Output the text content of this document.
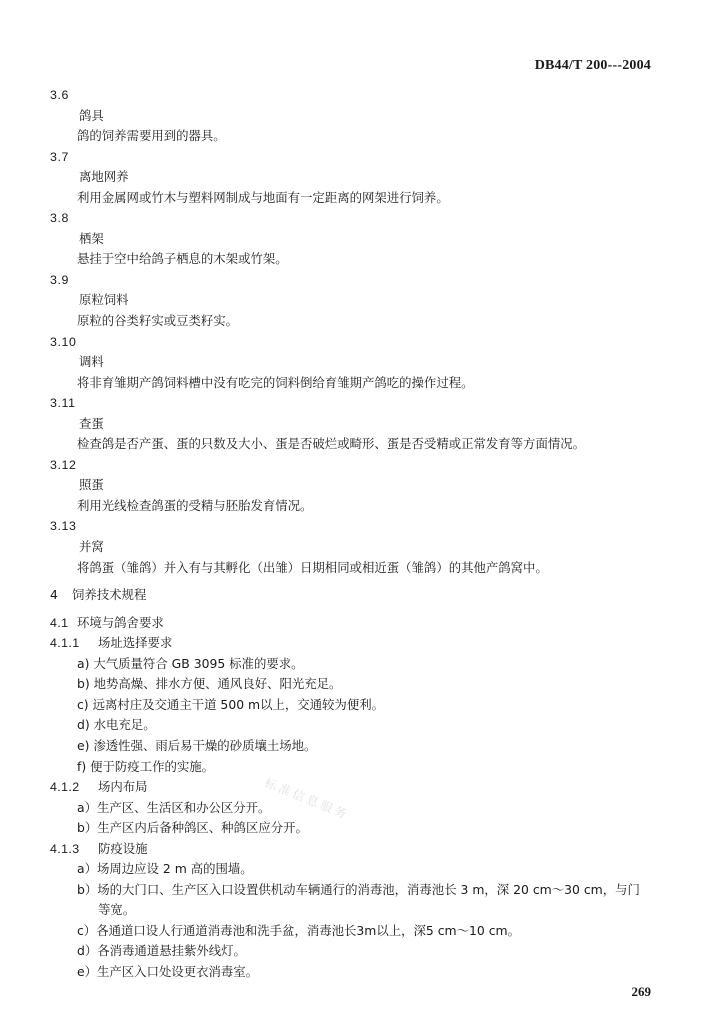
DB44/T 200---2004
3.6
鸽具
鸽的饲养需要用到的器具。
3.7
离地网养
利用金属网或竹木与塑料网制成与地面有一定距离的网架进行饲养。
3.8
栖架
悬挂于空中给鸽子栖息的木架或竹架。
3.9
原粒饲料
原粒的谷类籽实或豆类籽实。
3.10
调料
将非育雏期产鸽饲料槽中没有吃完的饲料倒给育雏期产鸽吃的操作过程。
3.11
查蛋
检查鸽是否产蛋、蛋的只数及大小、蛋是否破烂或畸形、蛋是否受精或正常发育等方面情况。
3.12
照蛋
利用光线检查鸽蛋的受精与胚胎发育情况。
3.13
并窝
将鸽蛋（雏鸽）并入有与其孵化（出雏）日期相同或相近蛋（雏鸽）的其他产鸽窝中。
4 饲养技术规程
4.1 环境与鸽舍要求
4.1.1 场址选择要求
a) 大气质量符合 GB 3095 标准的要求。
b) 地势高燥、排水方便、通风良好、阳光充足。
c) 远离村庄及交通主干道 500 m以上，交通较为便利。
d) 水电充足。
e) 渗透性强、雨后易干燥的砂质壤土场地。
f) 便于防疫工作的实施。
4.1.2 场内布局
a）生产区、生活区和办公区分开。
b）生产区内后备种鸽区、种鸽区应分开。
4.1.3 防疫设施
a）场周边应设 2 m 高的围墙。
b）场的大门口、生产区入口设置供机动车辆通行的消毒池，消毒池长 3 m，深 20 cm～30 cm，与门
等宽。
c）各通道口设人行通道消毒池和洗手盆，消毒池长3m以上，深5 cm～10 cm。
d）各消毒通道悬挂紫外线灯。
e）生产区入口处设更衣消毒室。
标准信息服务
269
